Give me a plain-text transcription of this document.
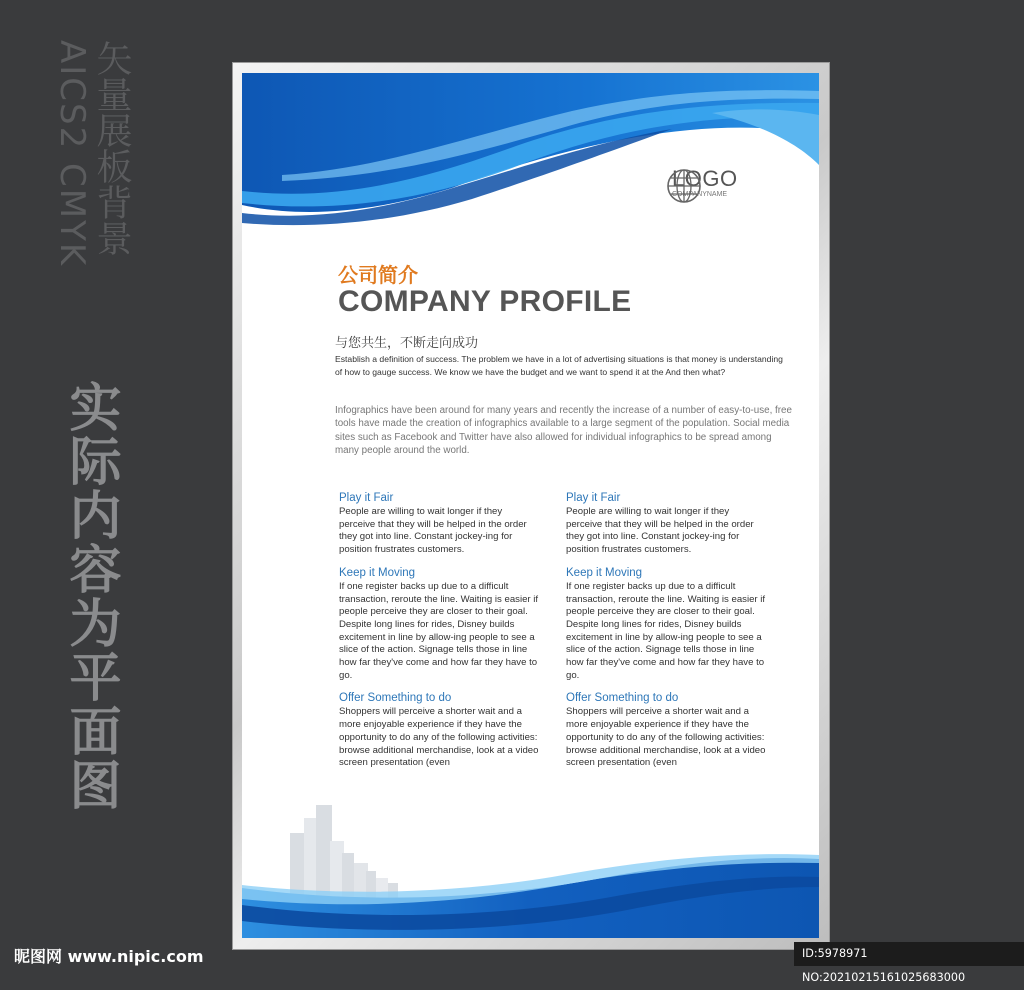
AICS2 CMYK 矢量展板背景
实际内容为平面图
LOGO
COMPANYNAME
公司简介
COMPANY PROFILE
与您共生，不断走向成功
Establish a definition of success. The problem we have in a lot of advertising situations is that money is understanding of how to gauge success. We know we have the budget and we want to spend it at the And then what?
Infographics have been around for many years and recently the increase of a number of easy-to-use, free tools have made the creation of infographics available to a large segment of the population. Social media sites such as Facebook and Twitter have also allowed for individual infographics to be spread among many people around the world.
Play it Fair
People are willing to wait longer if they perceive that they will be helped in the order they got into line. Constant jockey-ing for position frustrates customers.
Keep it Moving
If one register backs up due to a difficult transaction, reroute the line. Waiting is easier if people perceive they are closer to their goal. Despite long lines for rides, Disney builds excitement in line by allow-ing people to see a slice of the action. Signage tells those in line how far they've come and how far they have to go.
Offer Something to do
Shoppers will perceive a shorter wait and a more enjoyable experience if they have the opportunity to do any of the following activities: browse additional merchandise, look at a video screen presentation (even
Play it Fair
People are willing to wait longer if they perceive that they will be helped in the order they got into line. Constant jockey-ing for position frustrates customers.
Keep it Moving
If one register backs up due to a difficult transaction, reroute the line. Waiting is easier if people perceive they are closer to their goal. Despite long lines for rides, Disney builds excitement in line by allow-ing people to see a slice of the action. Signage tells those in line how far they've come and how far they have to go.
Offer Something to do
Shoppers will perceive a shorter wait and a more enjoyable experience if they have the opportunity to do any of the following activities: browse additional merchandise, look at a video screen presentation (even
昵图网 www.nipic.com	ID:5978971 NO:20210215161025683000
